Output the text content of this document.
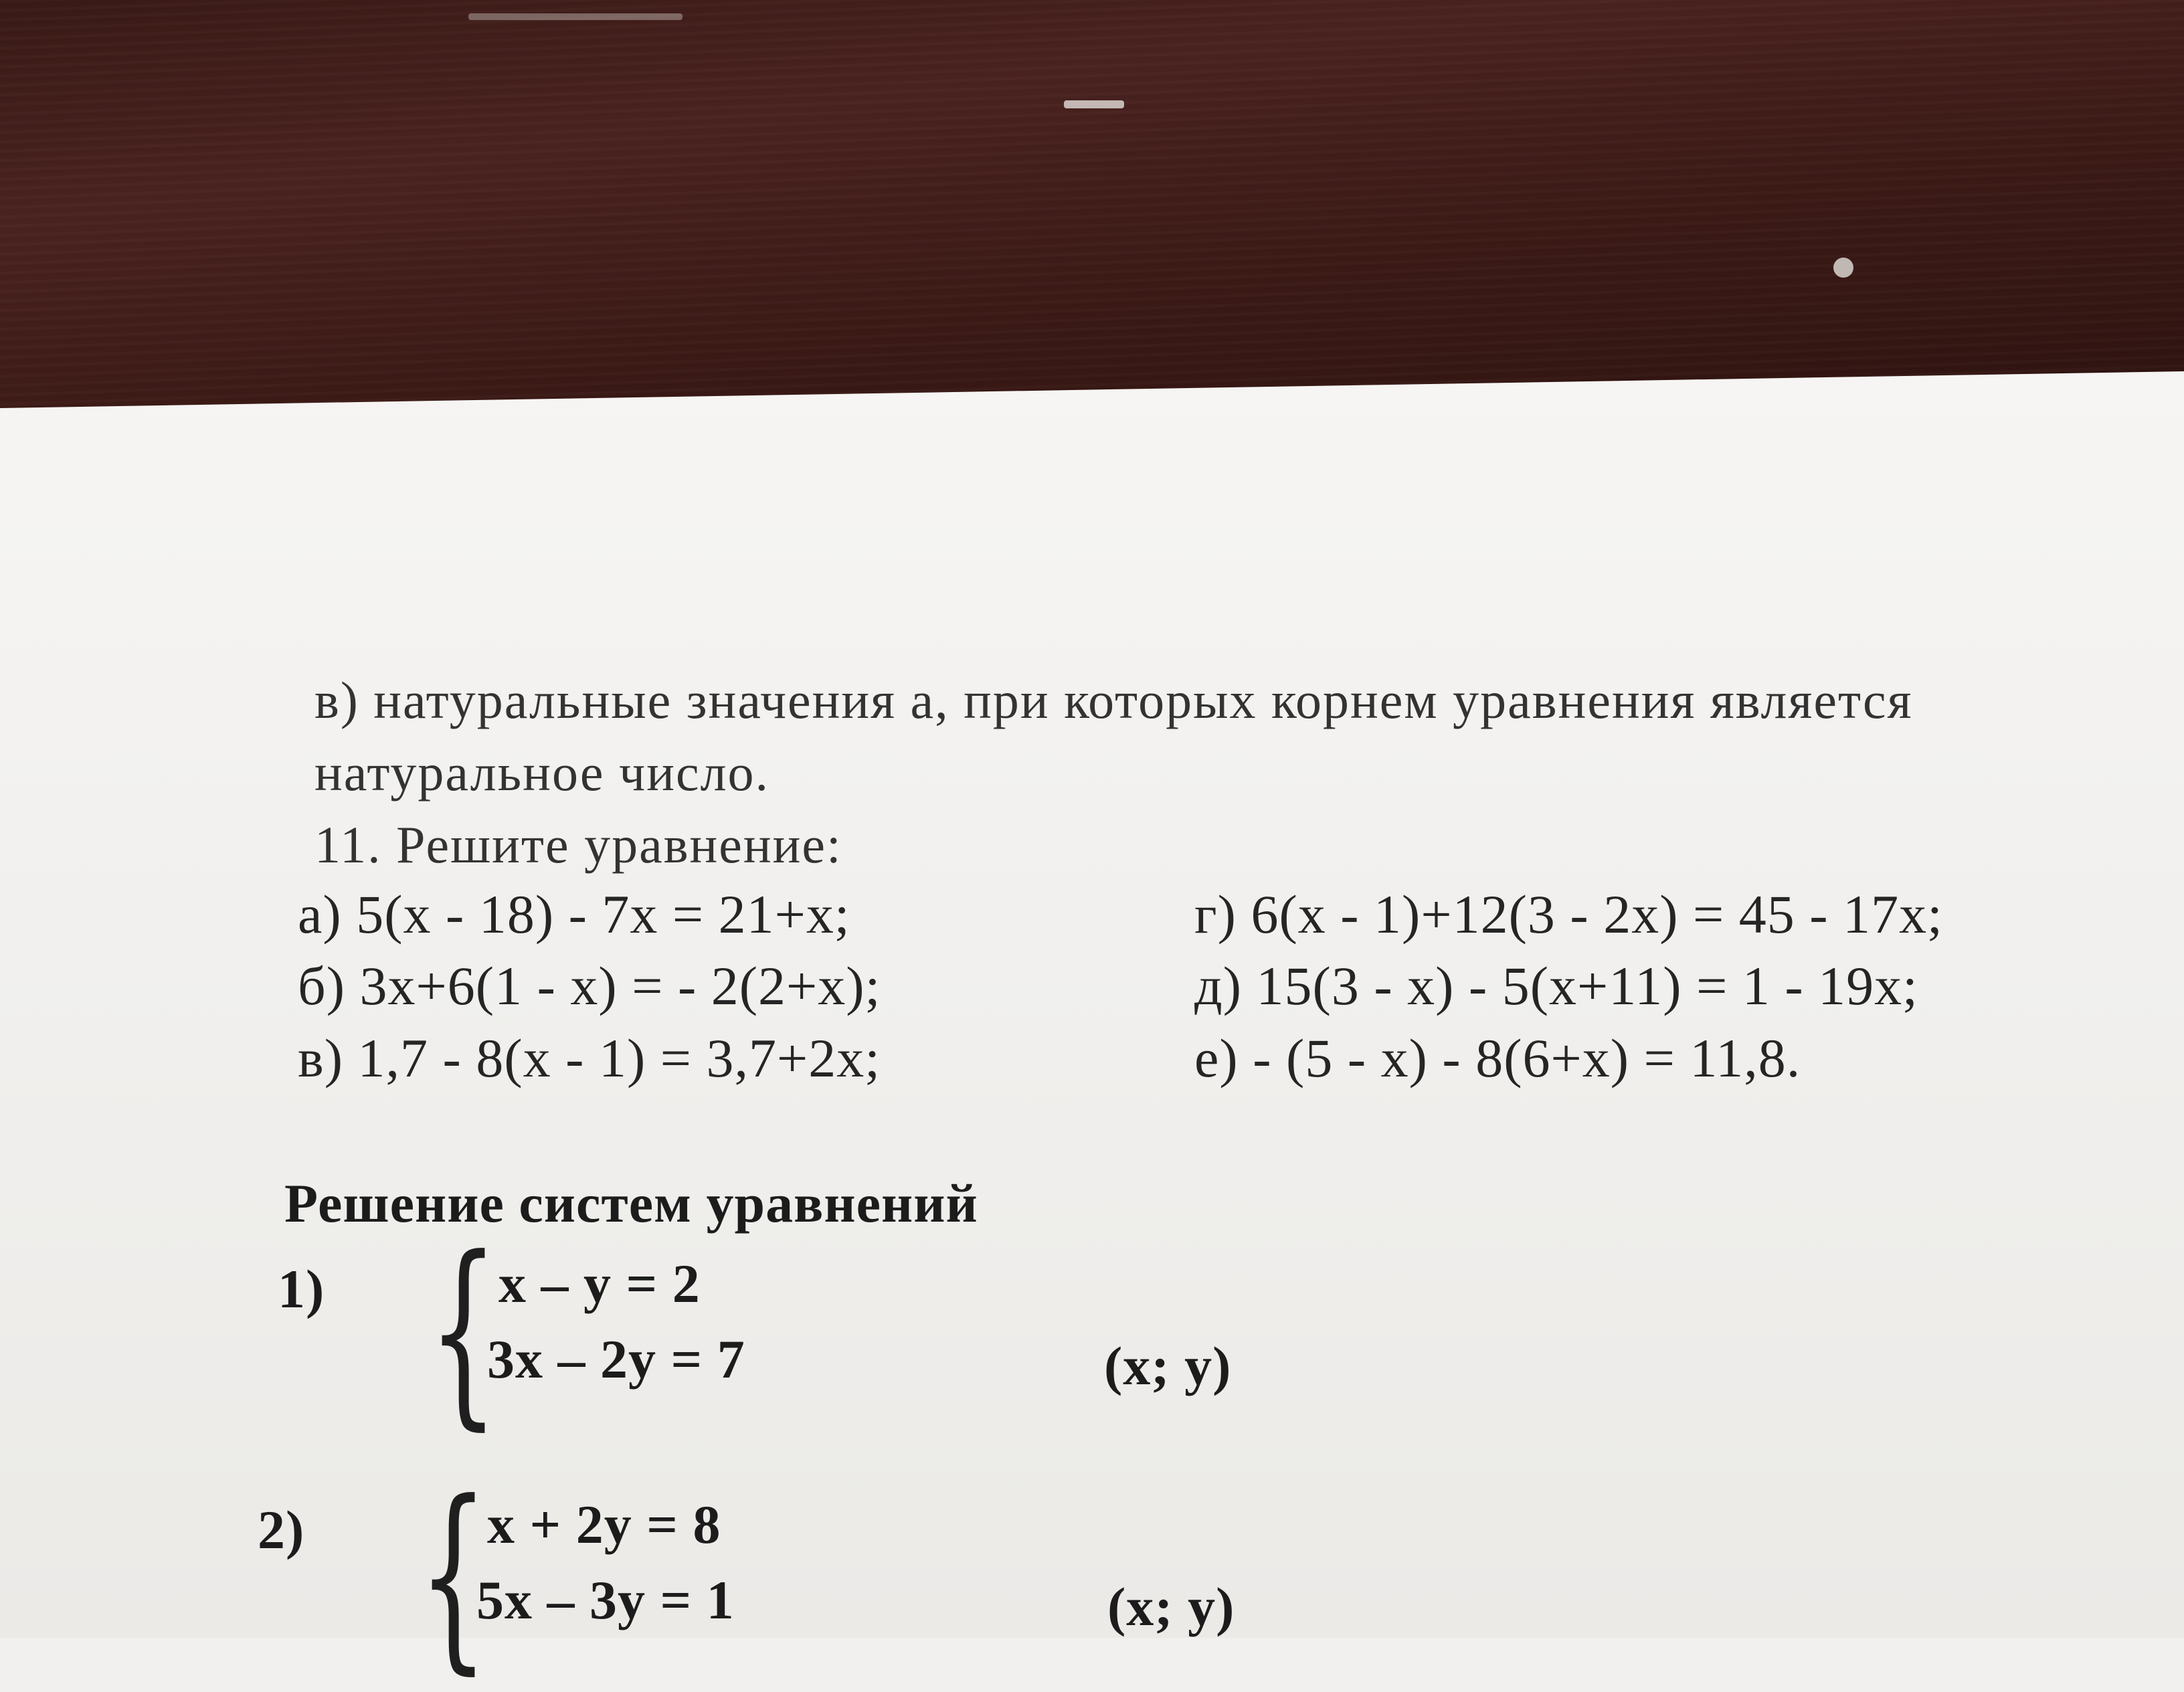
в) натуральные значения а, при которых корнем уравнения является
натуральное число.
11. Решите уравнение:
а) 5(х - 18) - 7х = 21+х;
б) 3х+6(1 - х) = - 2(2+х);
в) 1,7 - 8(х - 1) = 3,7+2х;
г) 6(х - 1)+12(3 - 2х) = 45 - 17х;
д) 15(3 - х) - 5(х+11) = 1 - 19х;
е) - (5 - х) - 8(6+х) = 11,8.
Решение систем уравнений
1) { x – y = 2
3x – 2y = 7	(x; y)
2) {
x + 2y = 8
5x – 3y = 1	(x; y)
